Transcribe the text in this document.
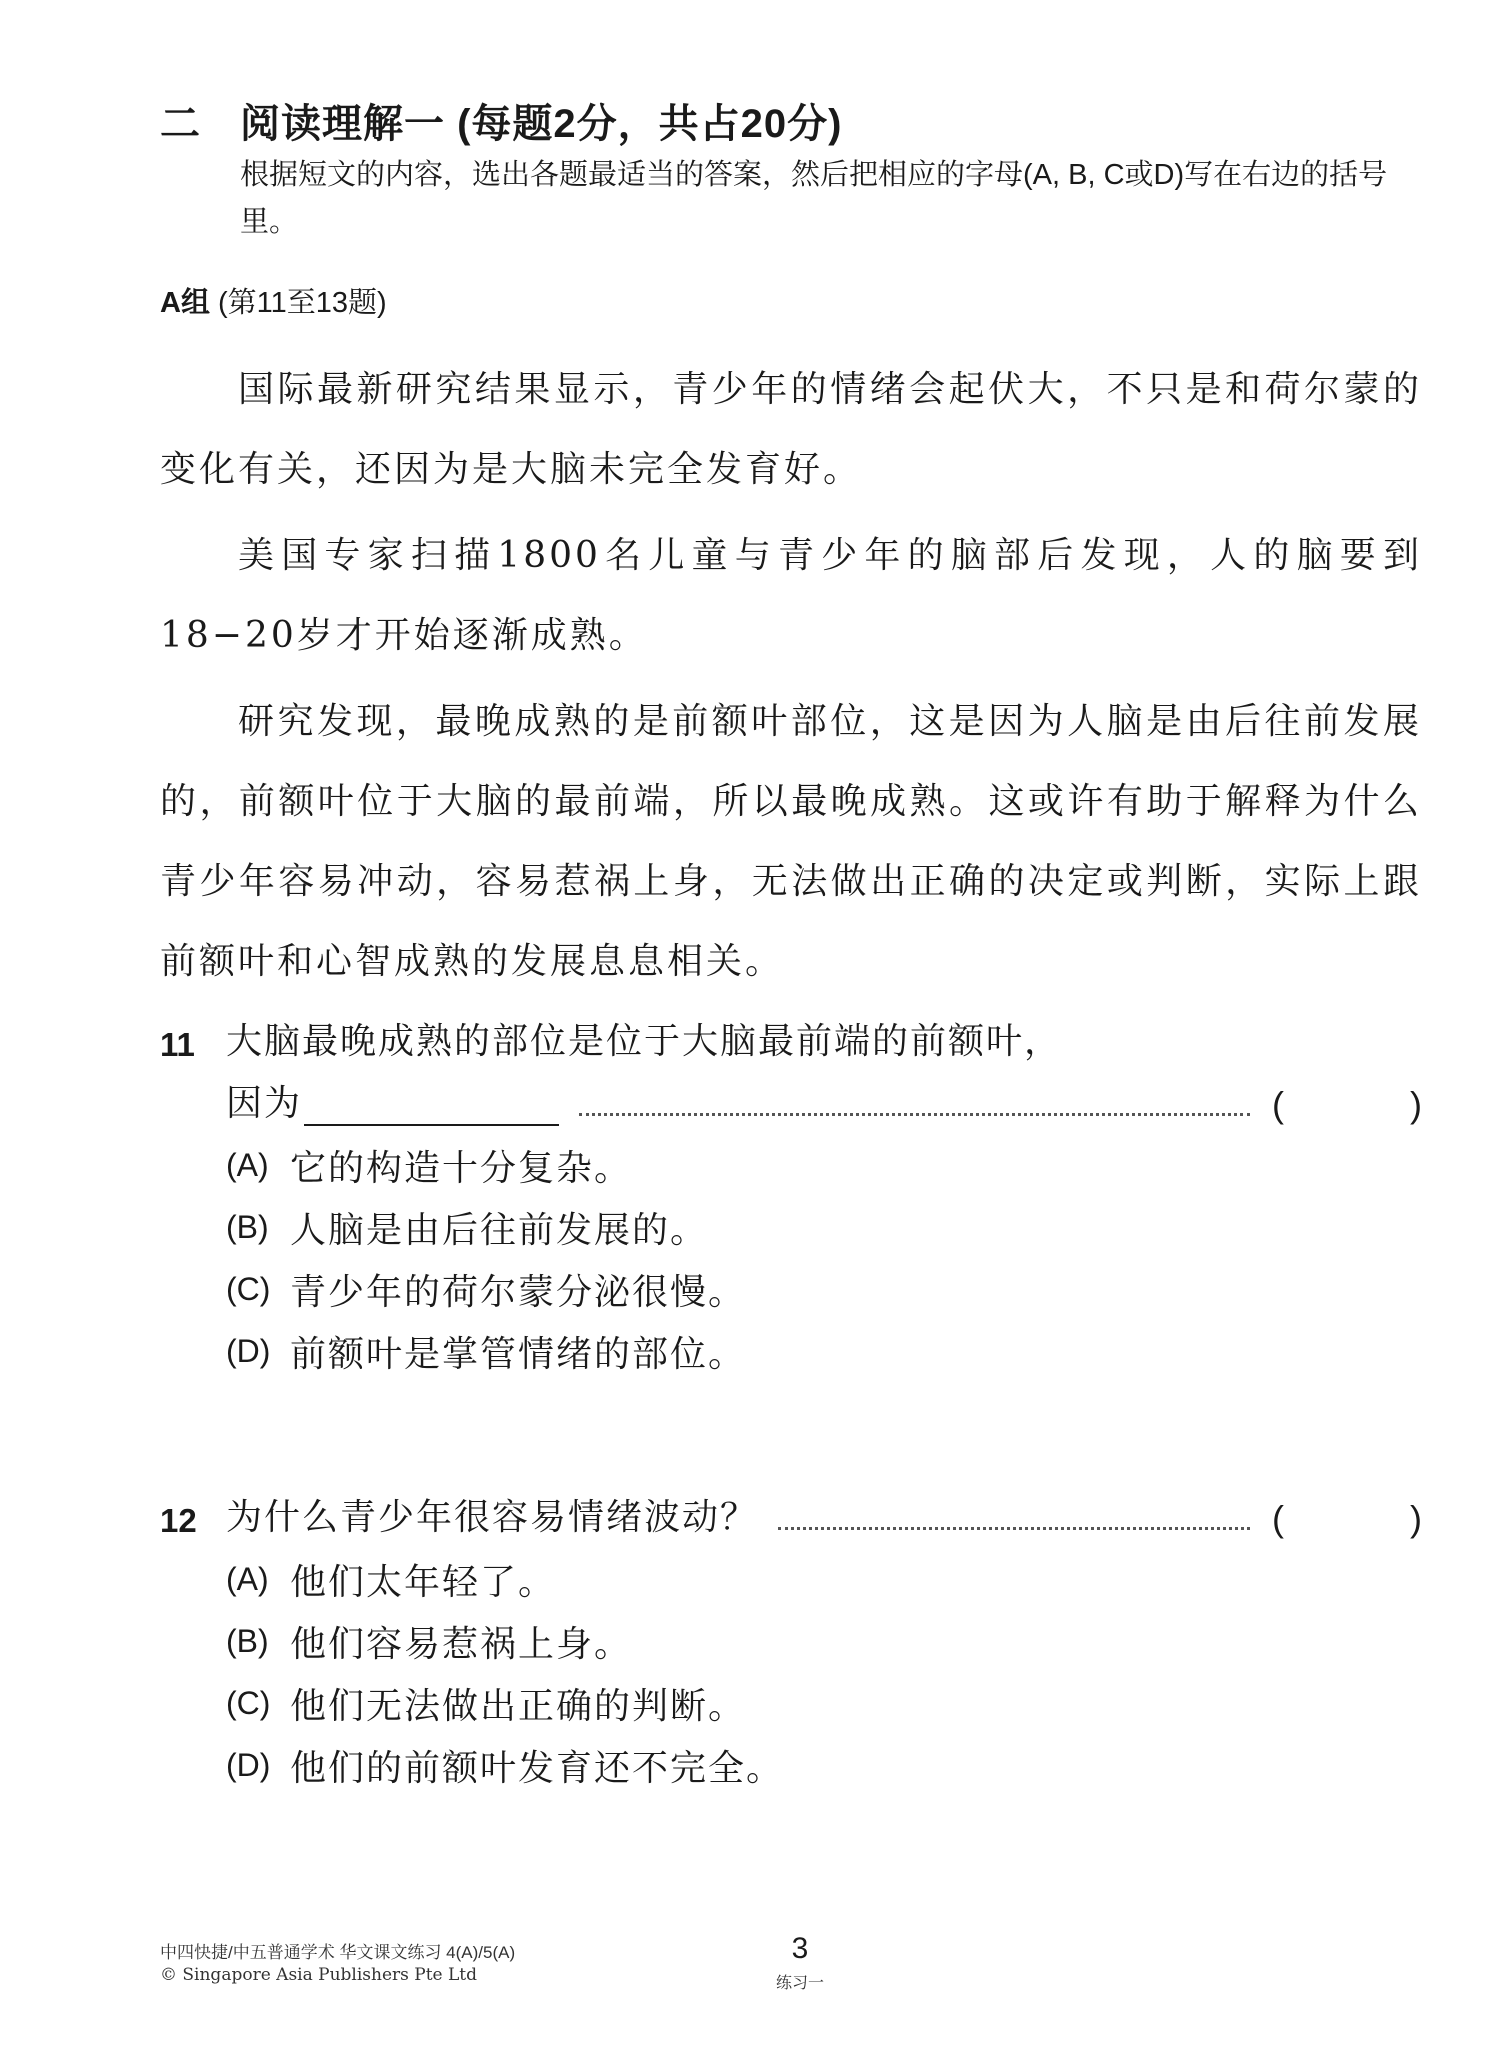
二	阅读理解一 (每题2分，共占20分)
根据短文的内容，选出各题最适当的答案，然后把相应的字母(A, B, C或D)写在右边的括号里。
A组 (第11至13题)

国际最新研究结果显示，青少年的情绪会起伏大，不只是和荷尔蒙的变化有关，还因为是大脑未完全发育好。

美国专家扫描1800名儿童与青少年的脑部后发现，人的脑要到18−20岁才开始逐渐成熟。

研究发现，最晚成熟的是前额叶部位，这是因为人脑是由后往前发展的，前额叶位于大脑的最前端，所以最晚成熟。这或许有助于解释为什么青少年容易冲动，容易惹祸上身，无法做出正确的决定或判断，实际上跟前额叶和心智成熟的发展息息相关。

11 大脑最晚成熟的部位是位于大脑最前端的前额叶，
因为	(	)
(A) 它的构造十分复杂。
(B) 人脑是由后往前发展的。
(C) 青少年的荷尔蒙分泌很慢。
(D) 前额叶是掌管情绪的部位。
12 为什么青少年很容易情绪波动？	(	)
(A) 他们太年轻了。
(B) 他们容易惹祸上身。
(C) 他们无法做出正确的判断。
(D) 他们的前额叶发育还不完全。
中四快捷/中五普通学术 华文课文练习 4(A)/5(A)
© Singapore Asia Publishers Pte Ltd
3
练习一
